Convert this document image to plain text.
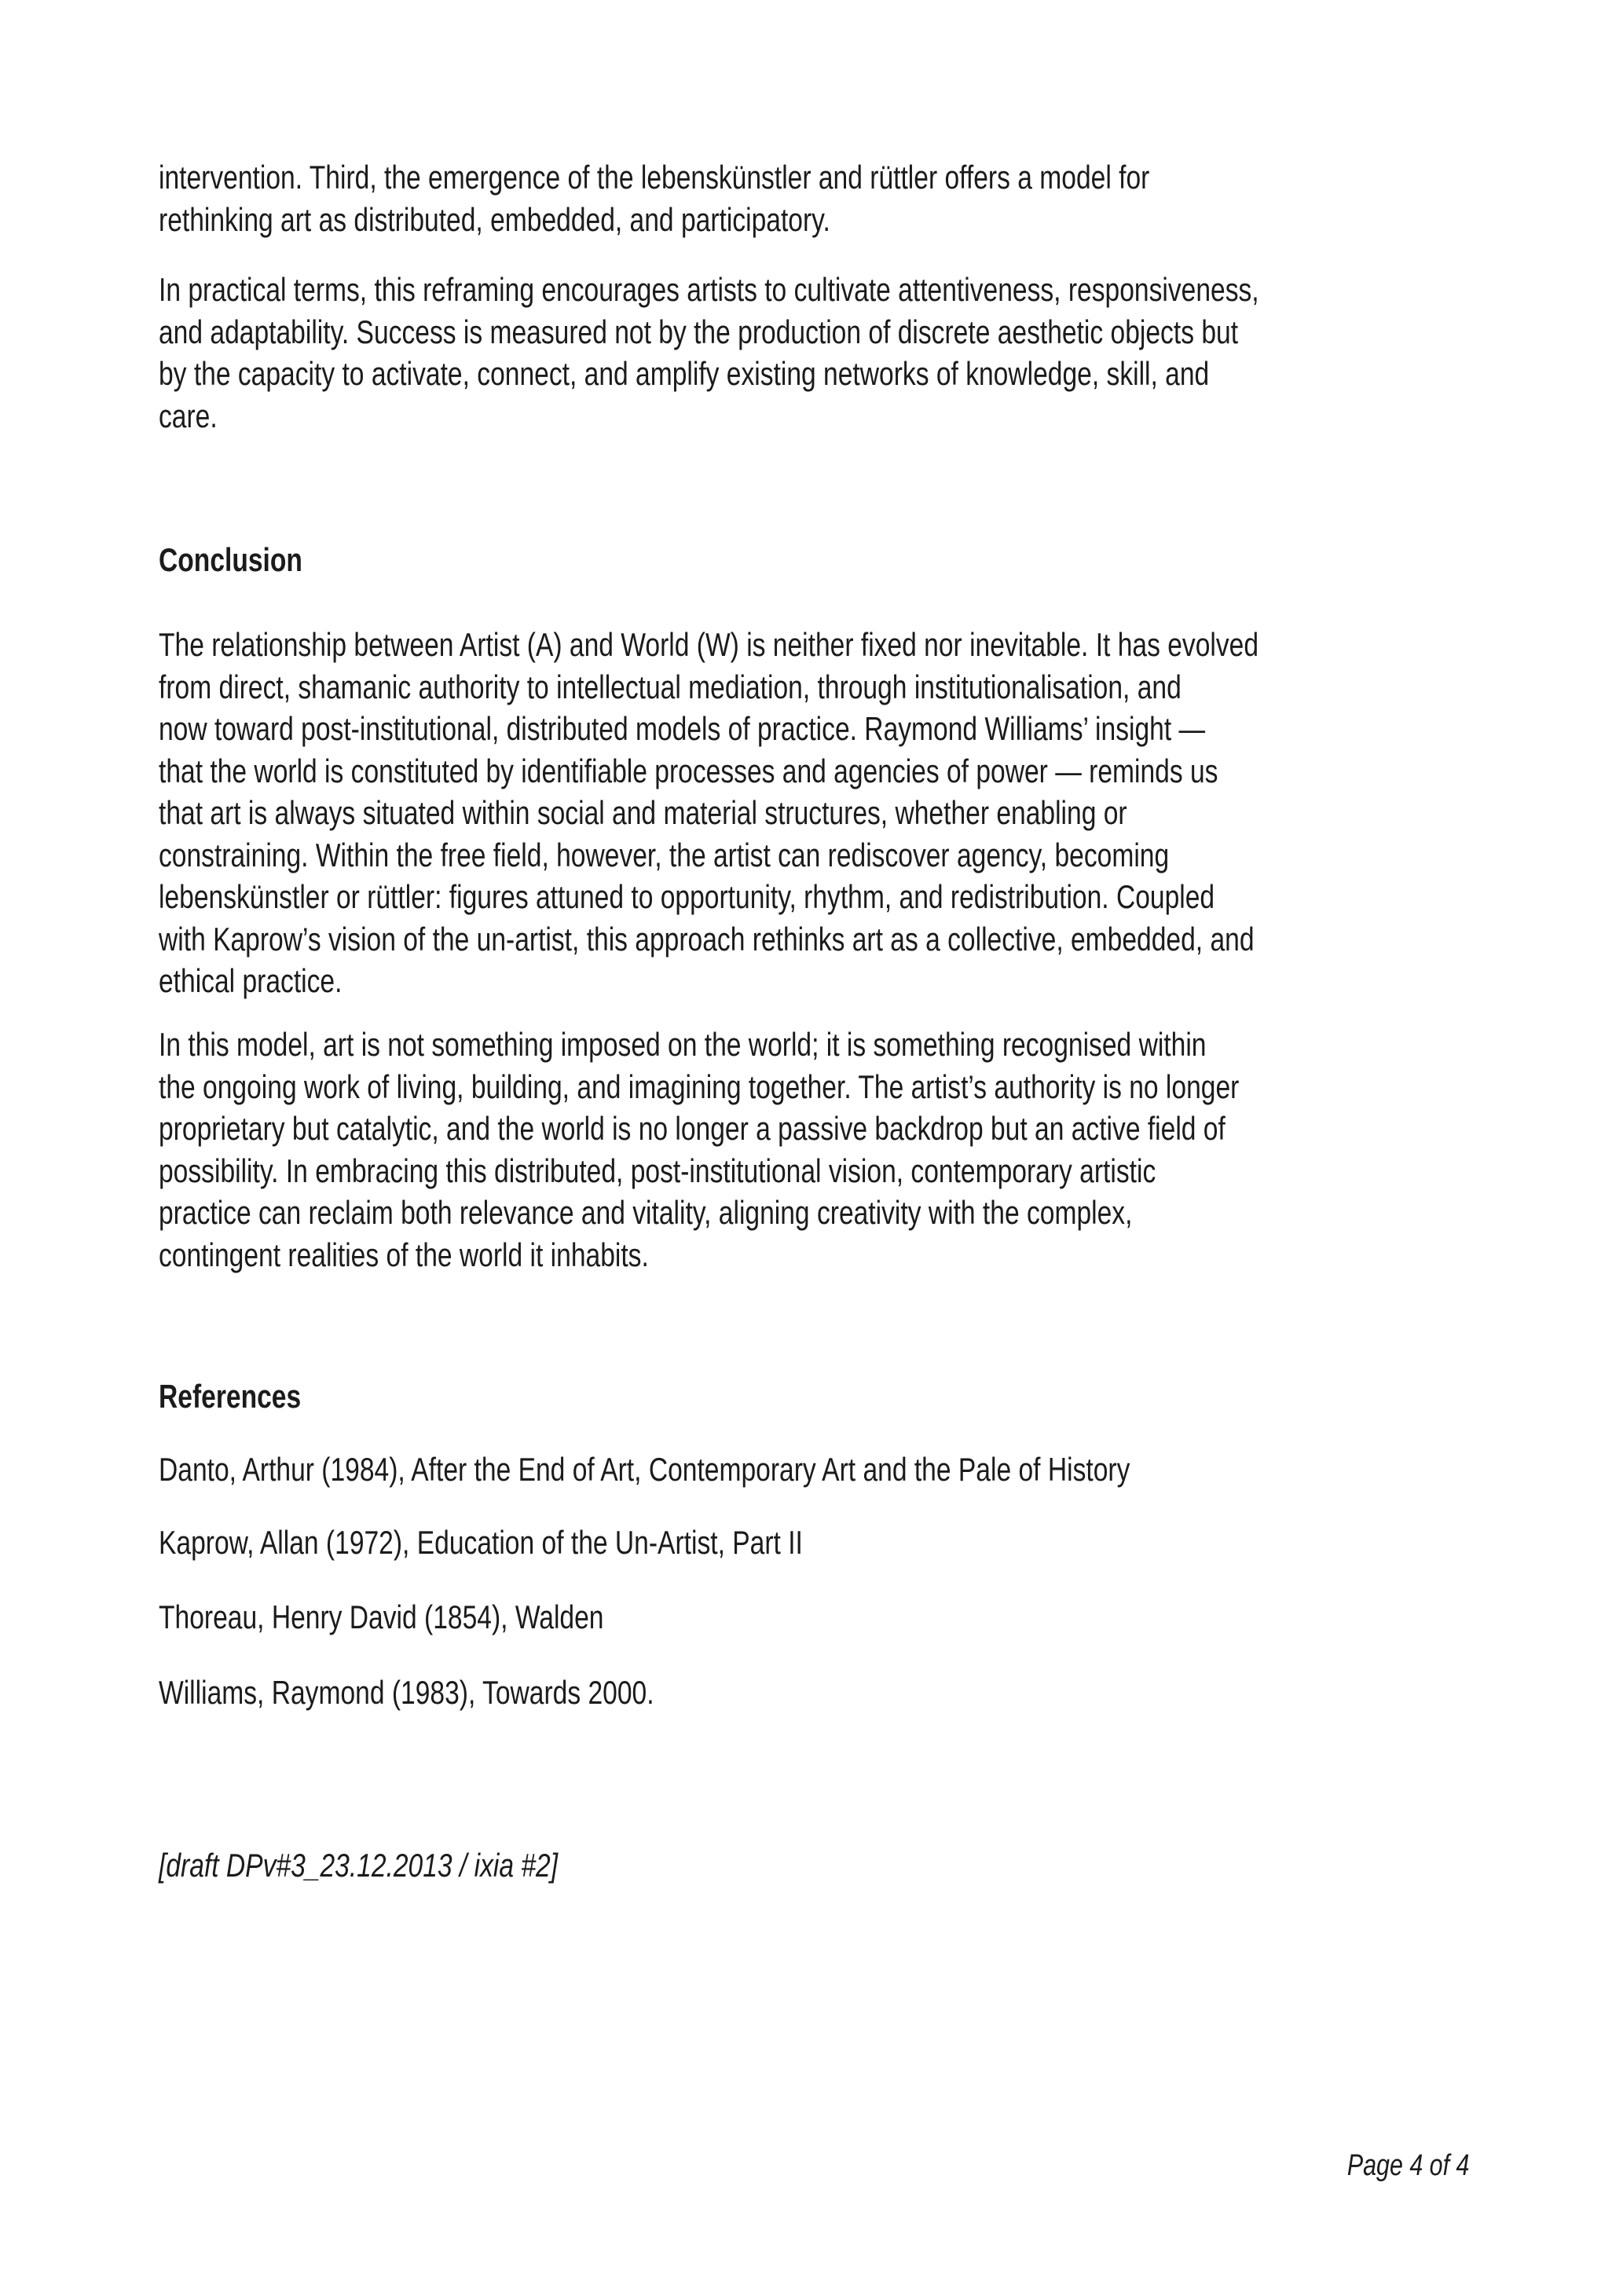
intervention. Third, the emergence of the lebenskünstler and rüttler offers a model for
rethinking art as distributed, embedded, and participatory.
In practical terms, this reframing encourages artists to cultivate attentiveness, responsiveness,
and adaptability. Success is measured not by the production of discrete aesthetic objects but
by the capacity to activate, connect, and amplify existing networks of knowledge, skill, and
care.
Conclusion
The relationship between Artist (A) and World (W) is neither fixed nor inevitable. It has evolved
from direct, shamanic authority to intellectual mediation, through institutionalisation, and
now toward post-institutional, distributed models of practice. Raymond Williams’ insight —
that the world is constituted by identifiable processes and agencies of power — reminds us
that art is always situated within social and material structures, whether enabling or
constraining. Within the free field, however, the artist can rediscover agency, becoming
lebenskünstler or rüttler: figures attuned to opportunity, rhythm, and redistribution. Coupled
with Kaprow’s vision of the un-artist, this approach rethinks art as a collective, embedded, and
ethical practice.
In this model, art is not something imposed on the world; it is something recognised within
the ongoing work of living, building, and imagining together. The artist’s authority is no longer
proprietary but catalytic, and the world is no longer a passive backdrop but an active field of
possibility. In embracing this distributed, post-institutional vision, contemporary artistic
practice can reclaim both relevance and vitality, aligning creativity with the complex,
contingent realities of the world it inhabits.
References
Danto, Arthur (1984), After the End of Art, Contemporary Art and the Pale of History
Kaprow, Allan (1972), Education of the Un-Artist, Part II
Thoreau, Henry David (1854), Walden
Williams, Raymond (1983), Towards 2000.
[draft DPv#3_23.12.2013 / ixia #2]
Page 4 of 4
